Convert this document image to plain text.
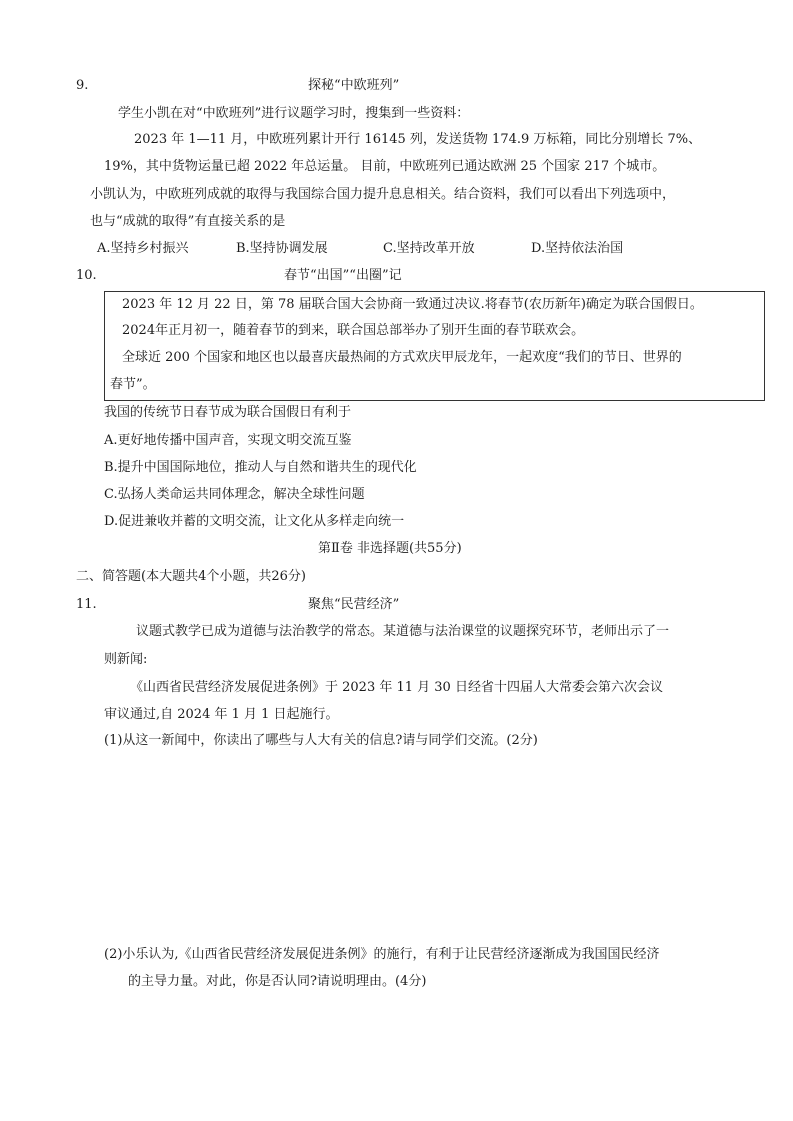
9.	探秘“中欧班列”
学生小凯在对“中欧班列”进行议题学习时，搜集到一些资料：
2023 年 1—11 月，中欧班列累计开行 16145 列，发送货物 174.9 万标箱，同比分别增长 7%、
19%，其中货物运量已超 2022 年总运量。 目前，中欧班列已通达欧洲 25 个国家 217 个城市。
小凯认为，中欧班列成就的取得与我国综合国力提升息息相关。结合资料，我们可以看出下列选项中，
也与“成就的取得”有直接关系的是
A.坚持乡村振兴	B.坚持协调发展	C.坚持改革开放	D.坚持依法治国
10.	春节“出国”“出圈”记
2023 年 12 月 22 日，第 78 届联合国大会协商一致通过决议.将春节(农历新年)确定为联合国假日。
2024年正月初一，随着春节的到来，联合国总部举办了别开生面的春节联欢会。
全球近 200 个国家和地区也以最喜庆最热闹的方式欢庆甲辰龙年，一起欢度“我们的节日、世界的
春节”。
我国的传统节日春节成为联合国假日有利于
A.更好地传播中国声音，实现文明交流互鉴
B.提升中国国际地位，推动人与自然和谐共生的现代化
C.弘扬人类命运共同体理念，解决全球性问题
D.促进兼收并蓄的文明交流，让文化从多样走向统一
第Ⅱ卷 非选择题(共55分)
二、简答题(本大题共4个小题，共26分)
11.	聚焦“民营经济”
议题式教学已成为道德与法治教学的常态。某道德与法治课堂的议题探究环节，老师出示了一
则新闻:
《山西省民营经济发展促进条例》于 2023 年 11 月 30 日经省十四届人大常委会第六次会议
审议通过,自 2024 年 1 月 1 日起施行。
(1)从这一新闻中，你读出了哪些与人大有关的信息?请与同学们交流。(2分)
(2)小乐认为,《山西省民营经济发展促进条例》的施行，有利于让民营经济逐渐成为我国国民经济
的主导力量。对此，你是否认同?请说明理由。(4分)
